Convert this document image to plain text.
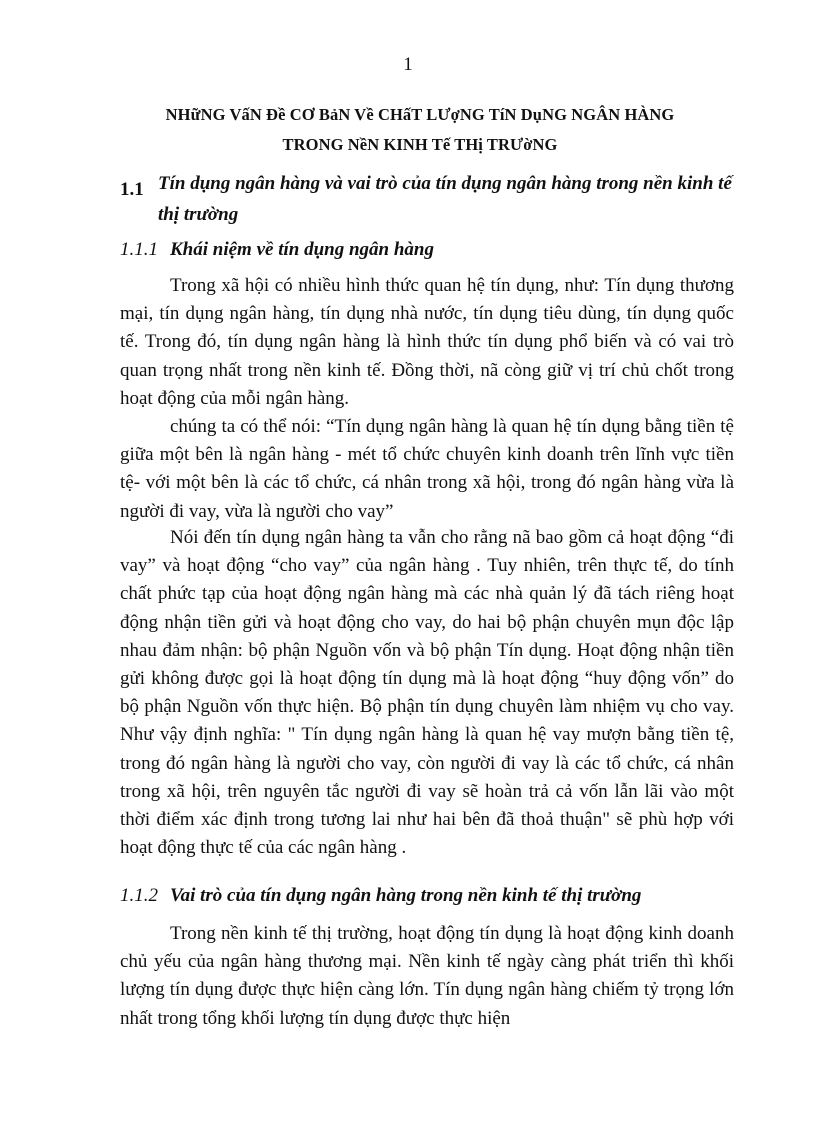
1
NHữNG VấN Đề CƠ BảN Về CHấT LƯợNG TíN DụNG NGÂN HÀNG
TRONG NềN KINH Tế THị TRƯờNG
1.1 Tín dụng ngân hàng và vai trò của tín dụng ngân hàng trong nền kinh tế thị trường
1.1.1 Khái niệm về tín dụng ngân hàng
Trong xã hội có nhiều hình thức quan hệ tín dụng, như: Tín dụng thương mại, tín dụng ngân hàng, tín dụng nhà nước, tín dụng tiêu dùng, tín dụng quốc tế. Trong đó, tín dụng ngân hàng là hình thức tín dụng phổ biến và có vai trò quan trọng nhất trong nền kinh tế. Đồng thời, nã còng giữ vị trí chủ chốt trong hoạt động của mỗi ngân hàng.
chúng ta có thể nói: “Tín dụng ngân hàng là quan hệ tín dụng bằng tiền tệ giữa một bên là ngân hàng - mét tổ chức chuyên kinh doanh trên lĩnh vực tiền tệ- với một bên là các tổ chức, cá nhân trong xã hội, trong đó ngân hàng vừa là người đi vay, vừa là người cho vay”
Nói đến tín dụng ngân hàng ta vẫn cho rằng nã bao gồm cả hoạt động “đi vay” và hoạt động “cho vay” của ngân hàng . Tuy nhiên, trên thực tế, do tính chất phức tạp của hoạt động ngân hàng mà các nhà quản lý đã tách riêng hoạt động nhận tiền gửi và hoạt động cho vay, do hai bộ phận chuyên mụn độc lập nhau đảm nhận: bộ phận Nguồn vốn và bộ phận Tín dụng. Hoạt động nhận tiền gửi không được gọi là hoạt động tín dụng mà là hoạt động “huy động vốn” do bộ phận Nguồn vốn thực hiện. Bộ phận tín dụng chuyên làm nhiệm vụ cho vay. Như vậy định nghĩa: " Tín dụng ngân hàng là quan hệ vay mượn bằng tiền tệ, trong đó ngân hàng là người cho vay, còn người đi vay là các tổ chức, cá nhân trong xã hội, trên nguyên tắc người đi vay sẽ hoàn trả cả vốn lẫn lãi vào một thời điểm xác định trong tương lai như hai bên đã thoả thuận" sẽ phù hợp với hoạt động thực tế của các ngân hàng .
1.1.2 Vai trò của tín dụng ngân hàng trong nền kinh tế thị trường
Trong nền kinh tế thị trường, hoạt động tín dụng là hoạt động kinh doanh chủ yếu của ngân hàng thương mại. Nền kinh tế ngày càng phát triển thì khối lượng tín dụng được thực hiện càng lớn. Tín dụng ngân hàng chiếm tỷ trọng lớn nhất trong tổng khối lượng tín dụng được thực hiện
